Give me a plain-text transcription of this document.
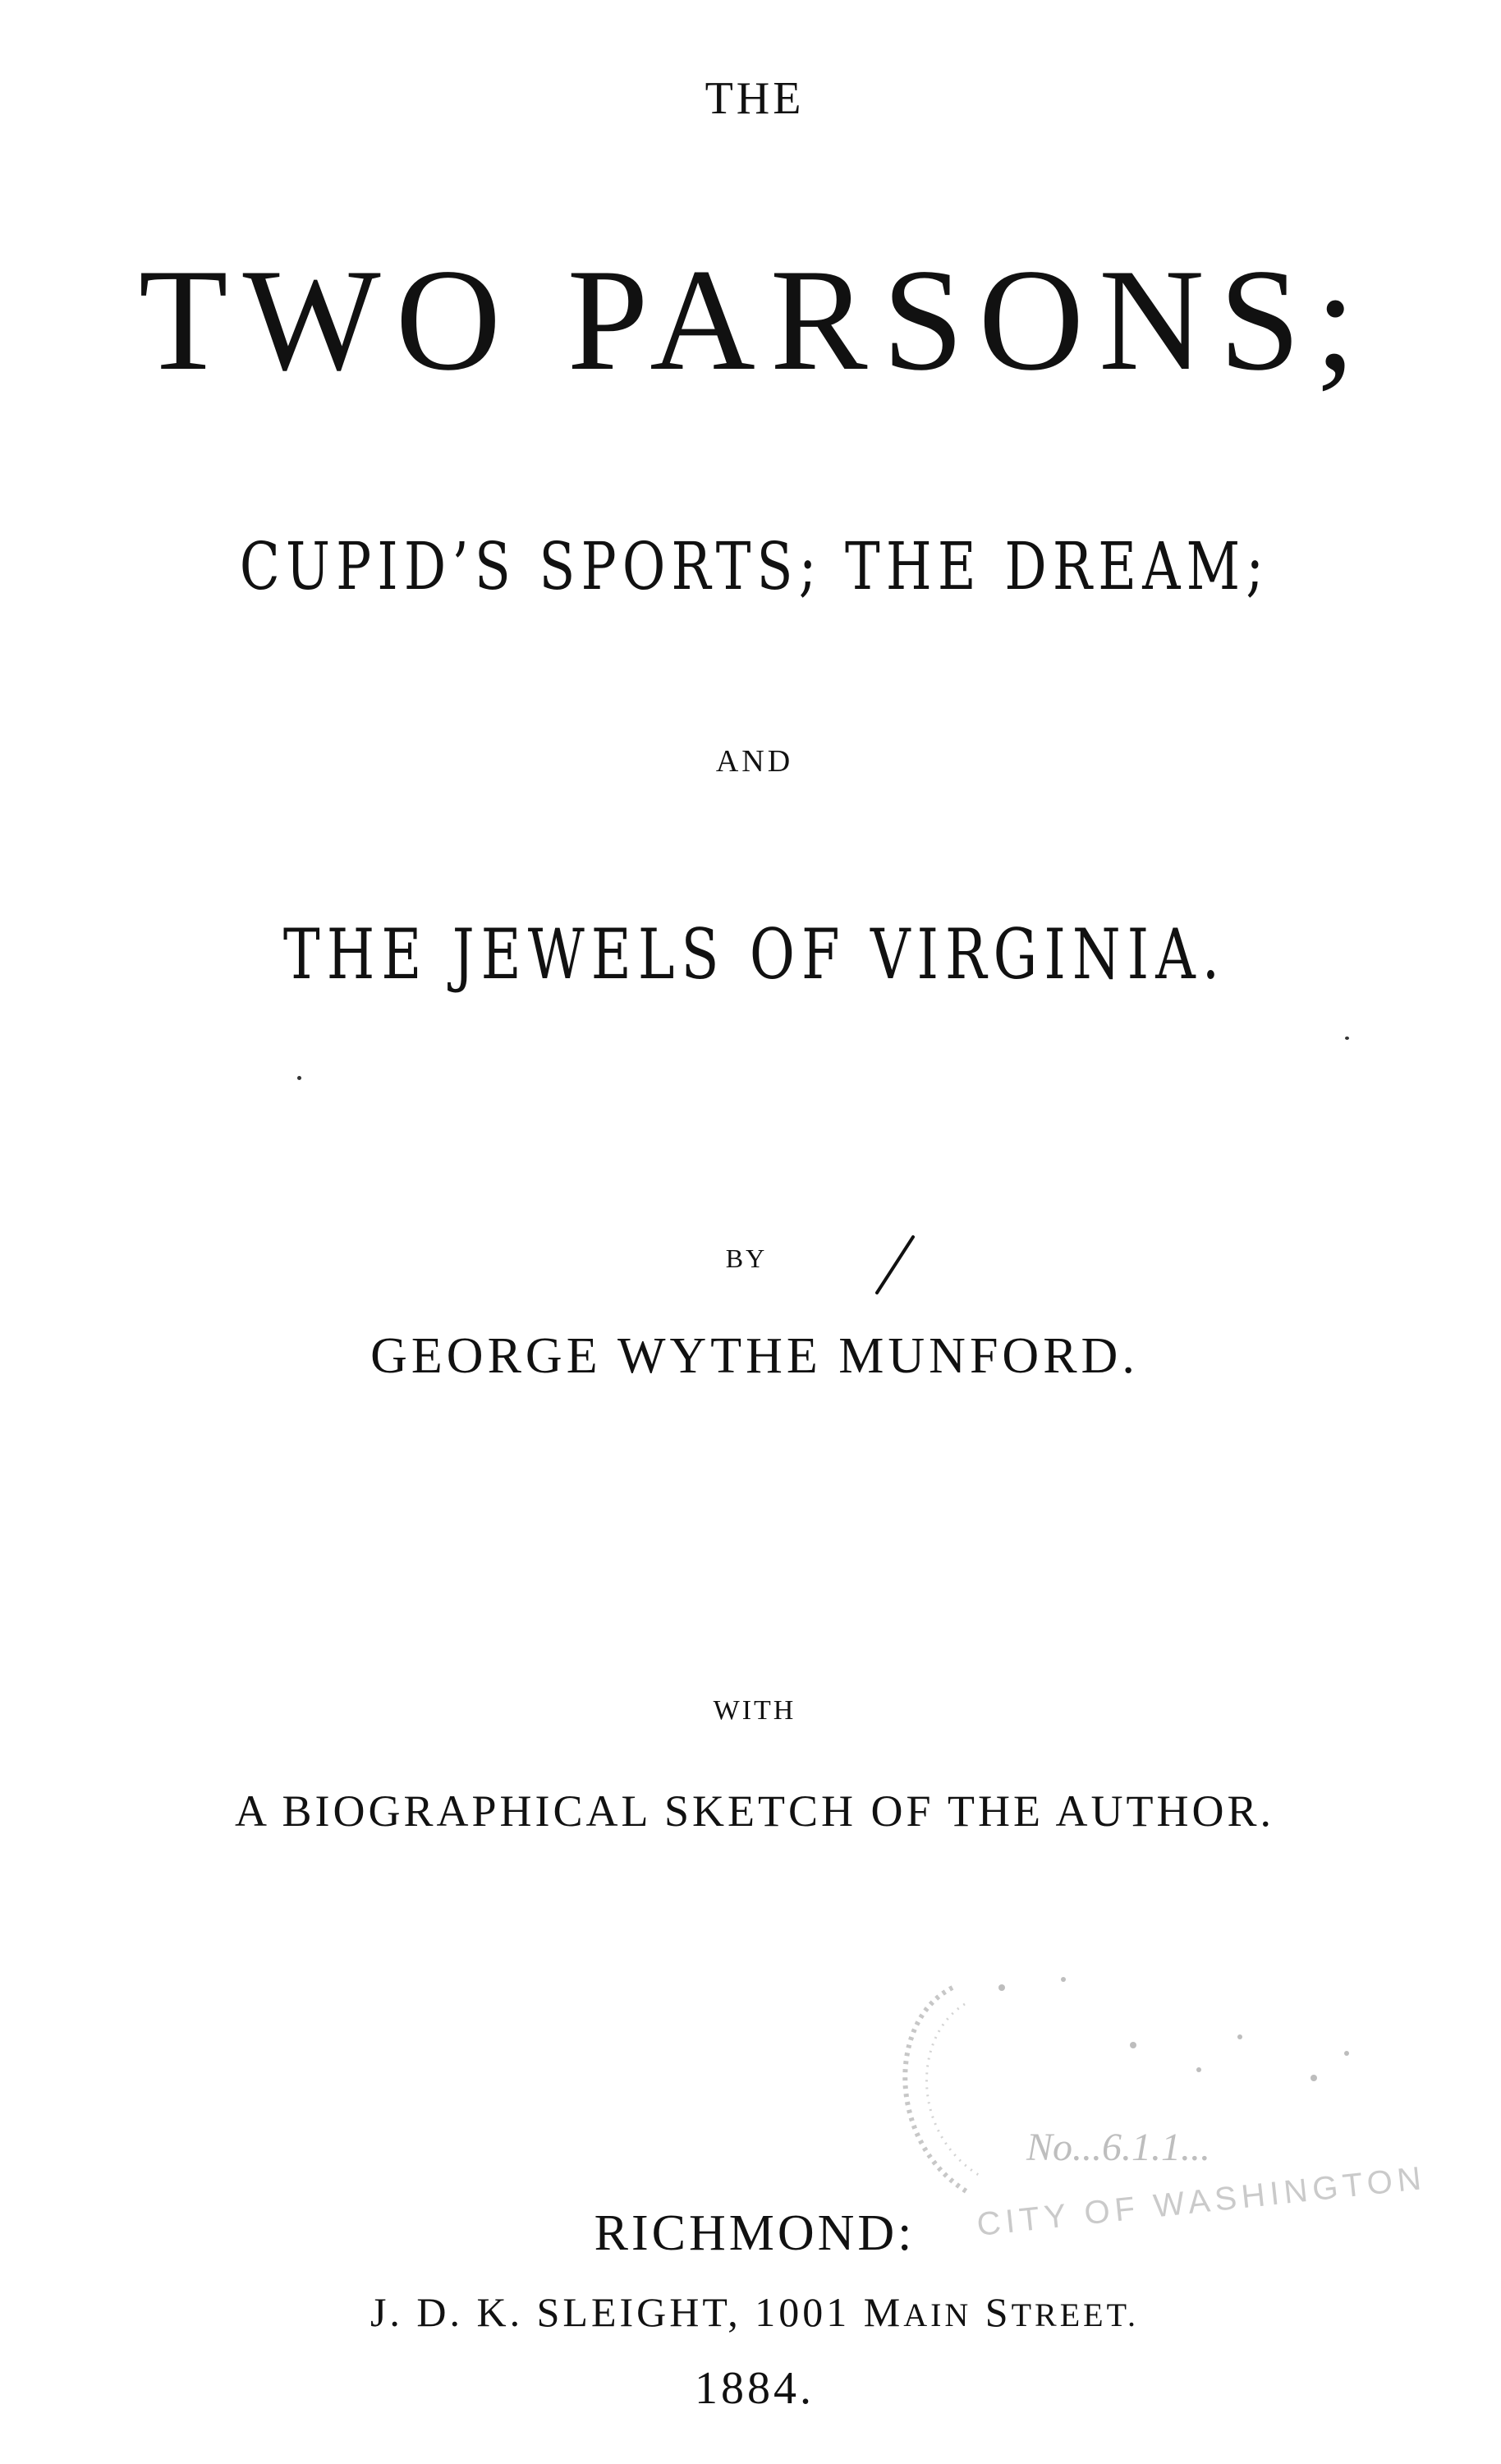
THE
TWO PARSONS;
CUPID’S SPORTS; THE DREAM;
AND
THE JEWELS OF VIRGINIA.
BY
GEORGE WYTHE MUNFORD.
WITH
A BIOGRAPHICAL SKETCH OF THE AUTHOR.
No...6.1.1...
CITY OF WASHINGTON
RICHMOND:
J. D. K. SLEIGHT, 1001 MAIN STREET.
1884.
